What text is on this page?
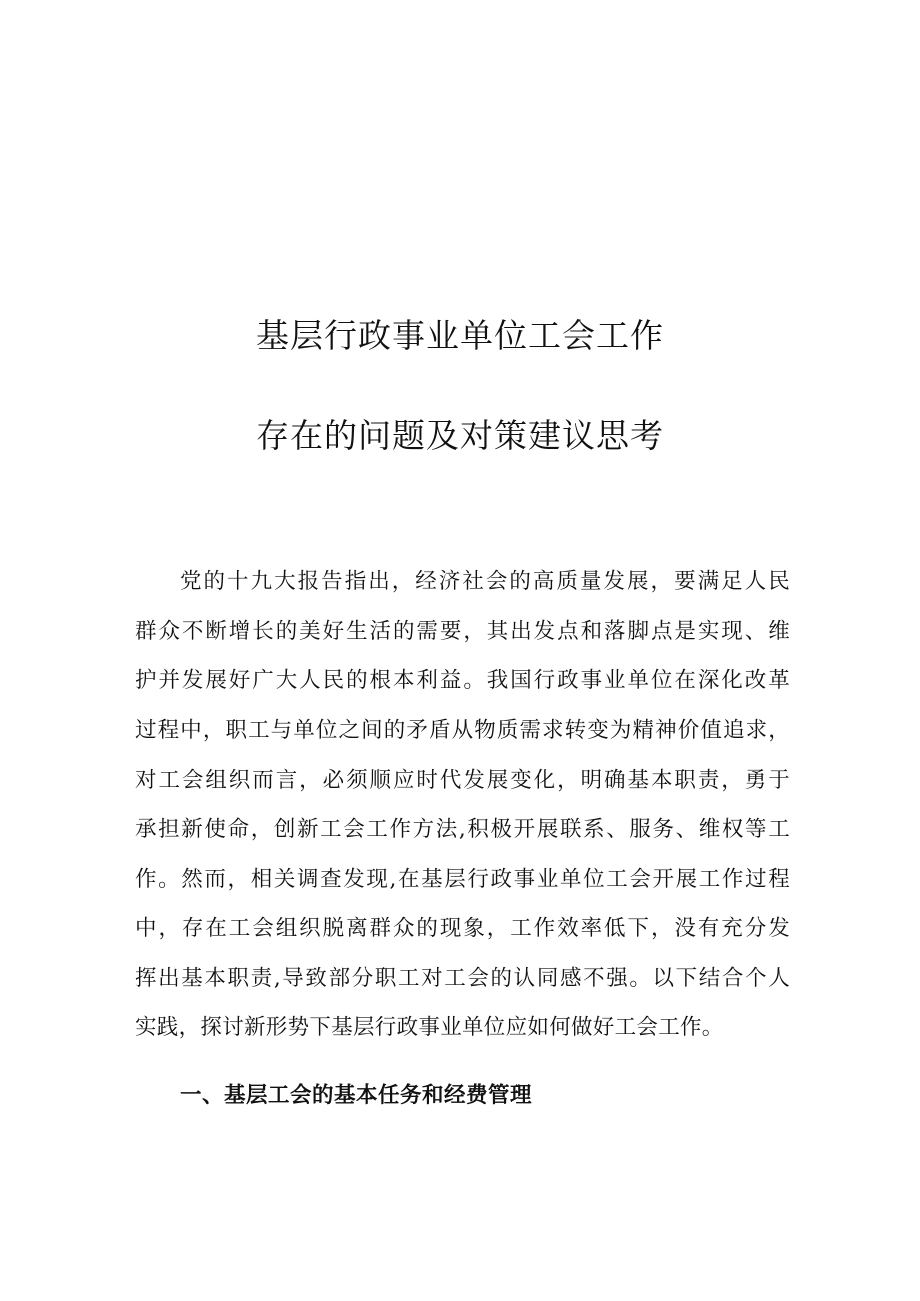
基层行政事业单位工会工作
存在的问题及对策建议思考
党的十九大报告指出，经济社会的高质量发展，要满足人民
群众不断增长的美好生活的需要，其出发点和落脚点是实现、维
护并发展好广大人民的根本利益。我国行政事业单位在深化改革
过程中，职工与单位之间的矛盾从物质需求转变为精神价值追求，
对工会组织而言，必须顺应时代发展变化，明确基本职责，勇于
承担新使命，创新工会工作方法,积极开展联系、服务、维权等工
作。然而，相关调查发现,在基层行政事业单位工会开展工作过程
中，存在工会组织脱离群众的现象，工作效率低下，没有充分发
挥出基本职责,导致部分职工对工会的认同感不强。以下结合个人
实践，探讨新形势下基层行政事业单位应如何做好工会工作。
一、基层工会的基本任务和经费管理
